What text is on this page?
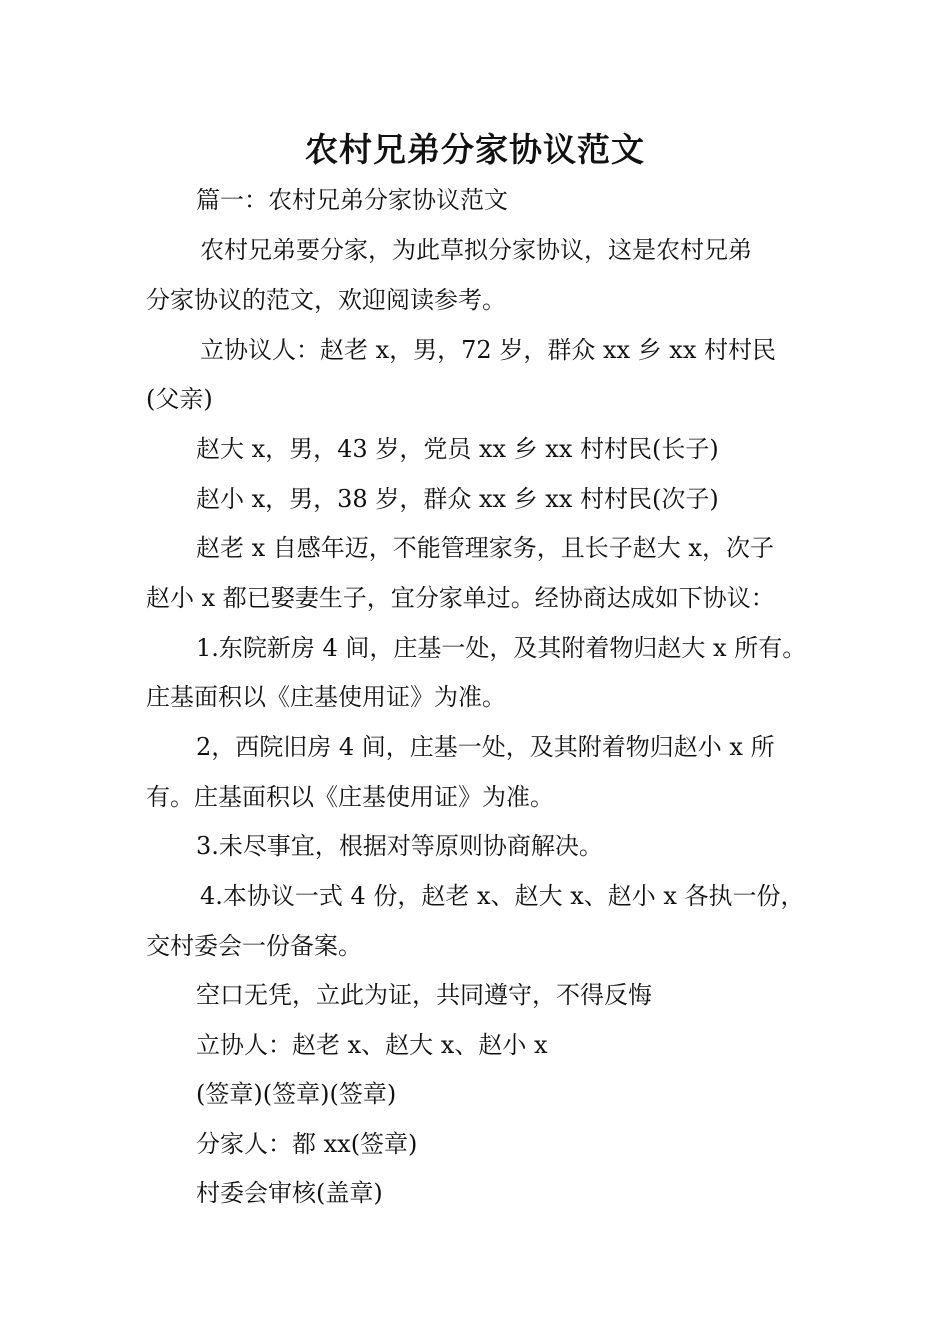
农村兄弟分家协议范文
篇一：农村兄弟分家协议范文
农村兄弟要分家，为此草拟分家协议，这是农村兄弟
分家协议的范文，欢迎阅读参考。
立协议人：赵老 x，男，72 岁，群众 xx 乡 xx 村村民
(父亲)
赵大 x，男，43 岁，党员 xx 乡 xx 村村民(长子)
赵小 x，男，38 岁，群众 xx 乡 xx 村村民(次子)
赵老 x 自感年迈，不能管理家务，且长子赵大 x，次子
赵小 x 都已娶妻生子，宜分家单过。经协商达成如下协议：
1.东院新房 4 间，庄基一处，及其附着物归赵大 x 所有。
庄基面积以《庄基使用证》为准。
2，西院旧房 4 间，庄基一处，及其附着物归赵小 x 所
有。庄基面积以《庄基使用证》为准。
3.未尽事宜，根据对等原则协商解决。
4.本协议一式 4 份，赵老 x、赵大 x、赵小 x 各执一份，
交村委会一份备案。
空口无凭，立此为证，共同遵守，不得反悔
立协人：赵老 x、赵大 x、赵小 x
(签章)(签章)(签章)
分家人：都 xx(签章)
村委会审核(盖章)
